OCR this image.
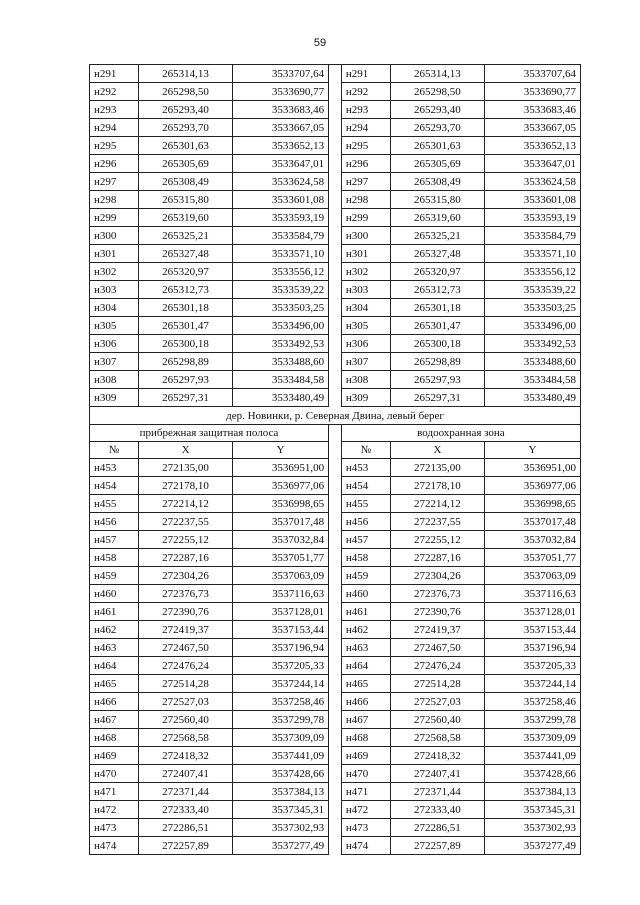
59
н291	265314,13	3533707,64		н291	265314,13	3533707,64
н292	265298,50	3533690,77		н292	265298,50	3533690,77
н293	265293,40	3533683,46		н293	265293,40	3533683,46
н294	265293,70	3533667,05		н294	265293,70	3533667,05
н295	265301,63	3533652,13		н295	265301,63	3533652,13
н296	265305,69	3533647,01		н296	265305,69	3533647,01
н297	265308,49	3533624,58		н297	265308,49	3533624,58
н298	265315,80	3533601,08		н298	265315,80	3533601,08
н299	265319,60	3533593,19		н299	265319,60	3533593,19
н300	265325,21	3533584,79		н300	265325,21	3533584,79
н301	265327,48	3533571,10		н301	265327,48	3533571,10
н302	265320,97	3533556,12		н302	265320,97	3533556,12
н303	265312,73	3533539,22		н303	265312,73	3533539,22
н304	265301,18	3533503,25		н304	265301,18	3533503,25
н305	265301,47	3533496,00		н305	265301,47	3533496,00
н306	265300,18	3533492,53		н306	265300,18	3533492,53
н307	265298,89	3533488,60		н307	265298,89	3533488,60
н308	265297,93	3533484,58		н308	265297,93	3533484,58
н309	265297,31	3533480,49		н309	265297,31	3533480,49
дер. Новинки, р. Северная Двина, левый берег						
прибрежная защитная полоса				водоохранная зона		
№	X	Y		№	X	Y
н453	272135,00	3536951,00		н453	272135,00	3536951,00
н454	272178,10	3536977,06		н454	272178,10	3536977,06
н455	272214,12	3536998,65		н455	272214,12	3536998,65
н456	272237,55	3537017,48		н456	272237,55	3537017,48
н457	272255,12	3537032,84		н457	272255,12	3537032,84
н458	272287,16	3537051,77		н458	272287,16	3537051,77
н459	272304,26	3537063,09		н459	272304,26	3537063,09
н460	272376,73	3537116,63		н460	272376,73	3537116,63
н461	272390,76	3537128,01		н461	272390,76	3537128,01
н462	272419,37	3537153,44		н462	272419,37	3537153,44
н463	272467,50	3537196,94		н463	272467,50	3537196,94
н464	272476,24	3537205,33		н464	272476,24	3537205,33
н465	272514,28	3537244,14		н465	272514,28	3537244,14
н466	272527,03	3537258,46		н466	272527,03	3537258,46
н467	272560,40	3537299,78		н467	272560,40	3537299,78
н468	272568,58	3537309,09		н468	272568,58	3537309,09
н469	272418,32	3537441,09		н469	272418,32	3537441,09
н470	272407,41	3537428,66		н470	272407,41	3537428,66
н471	272371,44	3537384,13		н471	272371,44	3537384,13
н472	272333,40	3537345,31		н472	272333,40	3537345,31
н473	272286,51	3537302,93		н473	272286,51	3537302,93
н474	272257,89	3537277,49		н474	272257,89	3537277,49
